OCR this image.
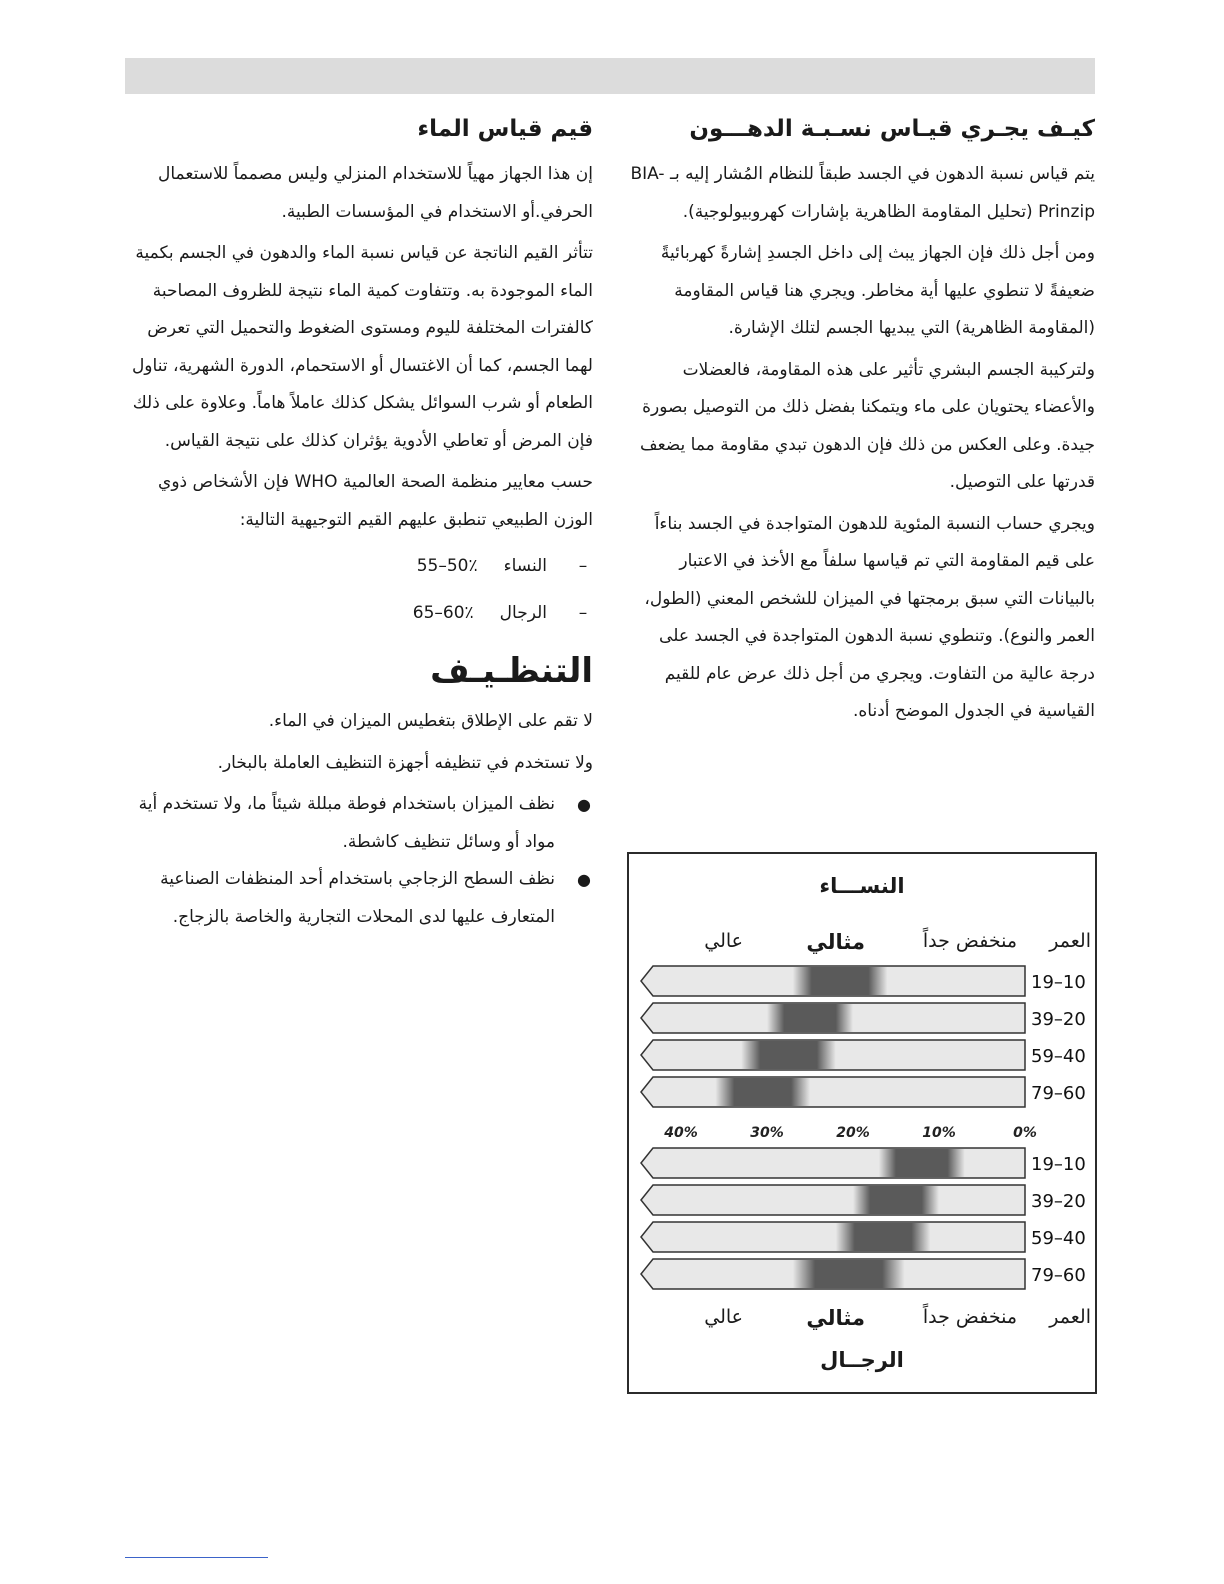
كيـف يجـري قيـاس نسـبـة الدهـــون

يتم قياس نسبة الدهون في الجسد طبقاً للنظام المُشار إليه بـ BIA-Prinzip (تحليل المقاومة الظاهرية بإشارات كهروبيولوجية).

ومن أجل ذلك فإن الجهاز يبث إلى داخل الجسدِ إشارةً كهربائيةً ضعيفةً لا تنطوي عليها أية مخاطر. ويجري هنا قياس المقاومة (المقاومة الظاهرية) التي يبديها الجسم لتلك الإشارة.

ولتركيبة الجسم البشري تأثير على هذه المقاومة، فالعضلات والأعضاء يحتويان على ماء ويتمكنا بفضل ذلك من التوصيل بصورة جيدة. وعلى العكس من ذلك فإن الدهون تبدي مقاومة مما يضعف قدرتها على التوصيل.

ويجري حساب النسبة المئوية للدهون المتواجدة في الجسد بناءاً على قيم المقاومة التي تم قياسها سلفاً مع الأخذ في الاعتبار بالبيانات التي سبق برمجتها في الميزان للشخص المعني (الطول، العمر والنوع). وتنطوي نسبة الدهون المتواجدة في الجسد على درجة عالية من التفاوت. ويجري من أجل ذلك عرض عام للقيم القياسية في الجدول الموضح أدناه.

قيم قياس الماء

إن هذا الجهاز مهياً للاستخدام المنزلي وليس مصمماً للاستعمال الحرفي.أو الاستخدام في المؤسسات الطبية.

تتأثر القيم الناتجة عن قياس نسبة الماء والدهون في الجسم بكمية الماء الموجودة به. وتتفاوت كمية الماء نتيجة للظروف المصاحبة كالفترات المختلفة لليوم ومستوى الضغوط والتحميل التي تعرض لهما الجسم، كما أن الاغتسال أو الاستحمام، الدورة الشهرية، تناول الطعام أو شرب السوائل يشكل كذلك عاملاً هاماً. وعلاوة على ذلك فإن المرض أو تعاطي الأدوية يؤثران كذلك على نتيجة القياس.

حسب معايير منظمة الصحة العالمية WHO فإن الأشخاص ذوي الوزن الطبيعي تنطبق عليهم القيم التوجيهية التالية:

–
النساء
55–50٪
–
الرجال
65–60٪
التنظـيـف

لا تقم على الإطلاق بتغطيس الميزان في الماء.

ولا تستخدم في تنظيفه أجهزة التنظيف العاملة بالبخار.

●
نظف الميزان باستخدام فوطة مبللة شيئاً ما، ولا تستخدم أية مواد أو وسائل تنظيف كاشطة.
●
نظف السطح الزجاجي باستخدام أحد المنظفات الصناعية المتعارف عليها لدى المحلات التجارية والخاصة بالزجاج.
النســـاء
العمر
منخفض جداً
مثالي
عالي
19–10
39–20
59–40
79–60
0%
10%
20%
30%
40%
19–10
39–20
59–40
79–60
العمر
منخفض جداً
مثالي
عالي
الرجــال
